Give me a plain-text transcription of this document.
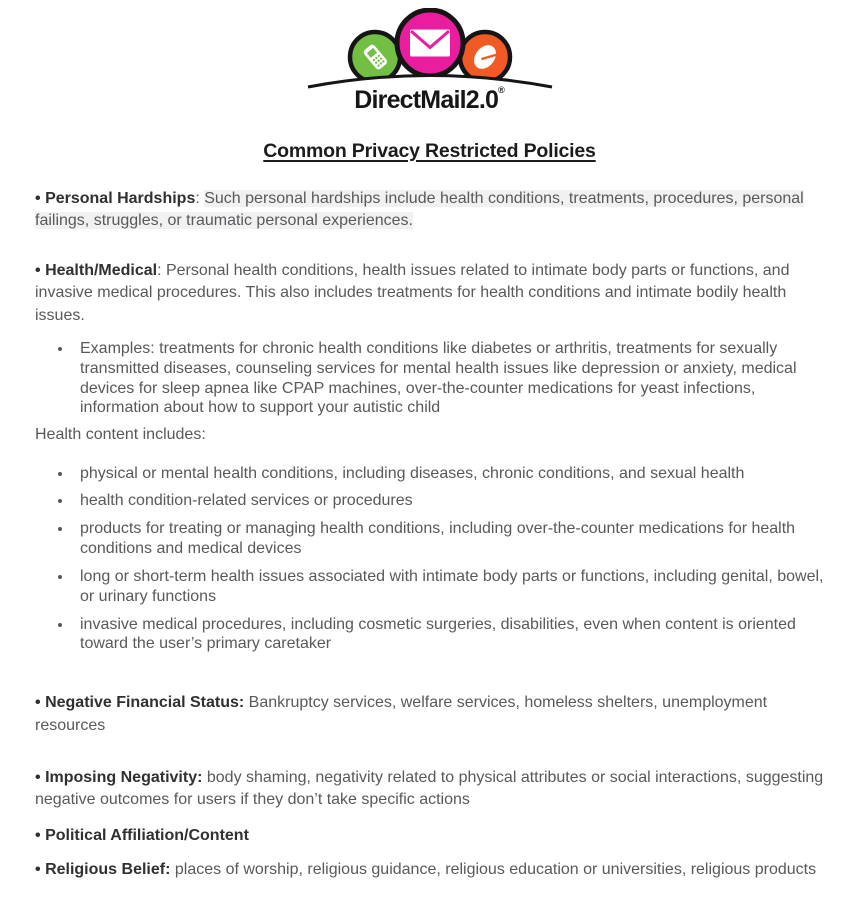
DirectMail2.0®
Common Privacy Restricted Policies

• Personal Hardships: Such personal hardships include health conditions, treatments, procedures, personal failings, struggles, or traumatic personal experiences.

• Health/Medical: Personal health conditions, health issues related to intimate body parts or functions, and invasive medical procedures. This also includes treatments for health conditions and intimate bodily health issues.

• Examples: treatments for chronic health conditions like diabetes or arthritis, treatments for sexually transmitted diseases, counseling services for mental health issues like depression or anxiety, medical devices for sleep apnea like CPAP machines, over-the-counter medications for yeast infections, information about how to support your autistic child

Health content includes:

• physical or mental health conditions, including diseases, chronic conditions, and sexual health
• health condition-related services or procedures
• products for treating or managing health conditions, including over-the-counter medications for health conditions and medical devices
• long or short-term health issues associated with intimate body parts or functions, including genital, bowel, or urinary functions
• invasive medical procedures, including cosmetic surgeries, disabilities, even when content is oriented toward the user’s primary caretaker

• Negative Financial Status: Bankruptcy services, welfare services, homeless shelters, unemployment resources

• Imposing Negativity: body shaming, negativity related to physical attributes or social interactions, suggesting negative outcomes for users if they don’t take specific actions

• Political Affiliation/Content

• Religious Belief: places of worship, religious guidance, religious education or universities, religious products
